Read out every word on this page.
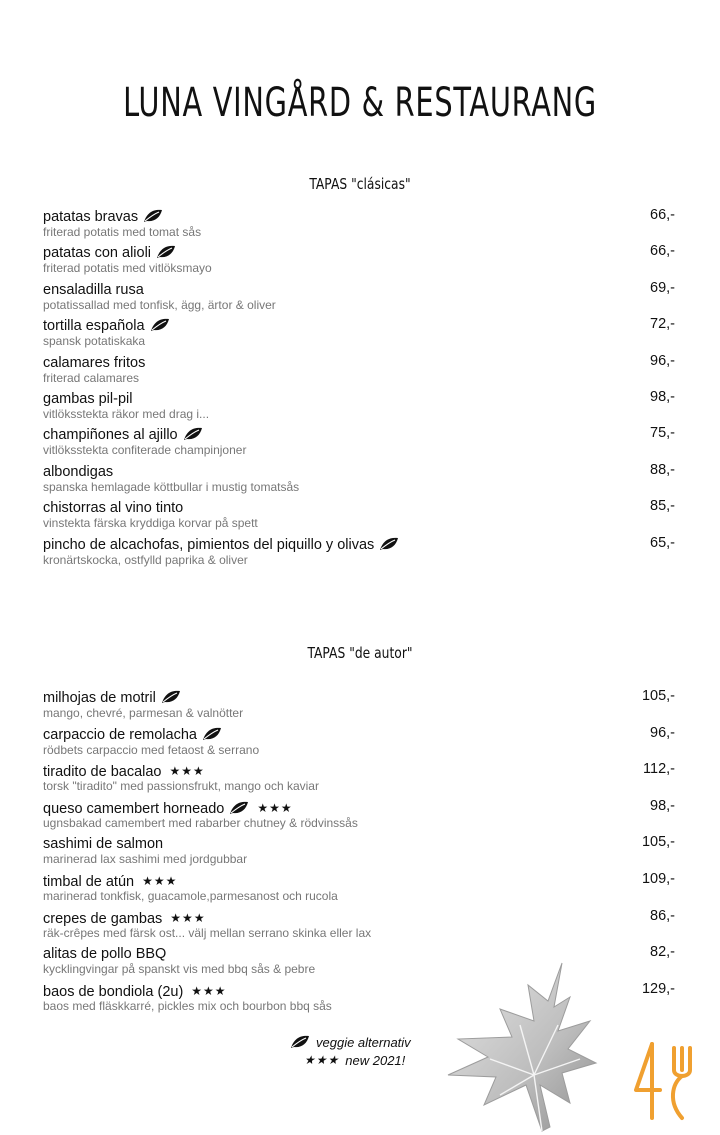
LUNA VINGÅRD & RESTAURANG
TAPAS "clásicas"
patatas bravas
friterad potatis med tomat sås
66,-
patatas con alioli
friterad potatis med vitlöksmayo
66,-
ensaladilla rusa
potatissallad med tonfisk, ägg, ärtor & oliver
69,-
tortilla española
spansk potatiskaka
72,-
calamares fritos
friterad calamares
96,-
gambas pil-pil
vitlöksstekta räkor med drag i...
98,-
champiñones al ajillo
vitlöksstekta confiterade champinjoner
75,-
albondigas
spanska hemlagade köttbullar i mustig tomatsås
88,-
chistorras al vino tinto
vinstekta färska kryddiga korvar på spett
85,-
pincho de alcachofas, pimientos del piquillo y olivas
kronärtskocka, ostfylld paprika & oliver
65,-
TAPAS "de autor"
milhojas de motril
mango, chevré, parmesan & valnötter
105,-
carpaccio de remolacha
rödbets carpaccio med fetaost & serrano
96,-
tiradito de bacalao ★★★
torsk "tiradito" med passionsfrukt, mango och kaviar
112,-
queso camembert horneado	★★★
ugnsbakad camembert med rabarber chutney & rödvinssås
98,-
sashimi de salmon
marinerad lax sashimi med jordgubbar
105,-
timbal de atún ★★★
marinerad tonkfisk, guacamole,parmesanost och rucola
109,-
crepes de gambas ★★★
räk-crêpes med färsk ost... välj mellan serrano skinka eller lax
86,-
alitas de pollo BBQ
kycklingvingar på spanskt vis med bbq sås & pebre
82,-
baos de bondiola (2u) ★★★
baos med fläskkarré, pickles mix och bourbon bbq sås
129,-
veggie alternativ
★★★ new 2021!
